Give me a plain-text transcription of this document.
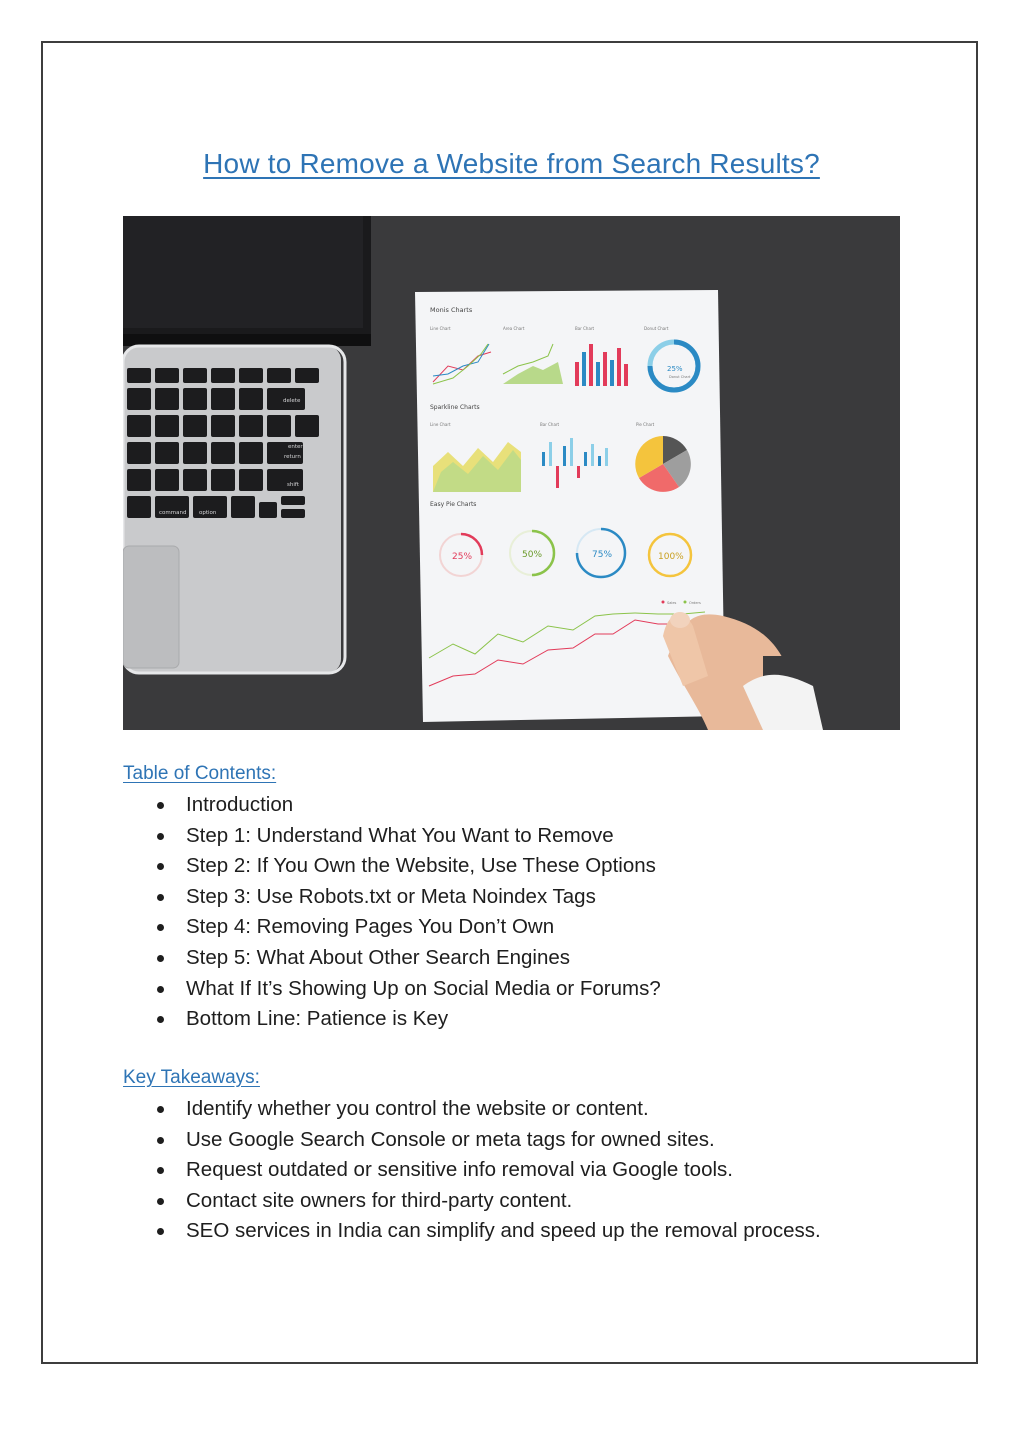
How to Remove a Website from Search Results?
delete
enter
return
shift
command option
Monis Charts
Line Chart	Area Chart	Bar Chart	Donut Chart
Line Chart	Bar Chart	Pie Chart
25%
Donut Chart
Sparkline Charts
Easy Pie Charts
25%	50%	75%	100%
Sales	Orders
Table of Contents:
Introduction
Step 1: Understand What You Want to Remove
Step 2: If You Own the Website, Use These Options
Step 3: Use Robots.txt or Meta Noindex Tags
Step 4: Removing Pages You Don’t Own
Step 5: What About Other Search Engines
What If It’s Showing Up on Social Media or Forums?
Bottom Line: Patience is Key
Key Takeaways:
Identify whether you control the website or content.
Use Google Search Console or meta tags for owned sites.
Request outdated or sensitive info removal via Google tools.
Contact site owners for third-party content.
SEO services in India can simplify and speed up the removal process.
